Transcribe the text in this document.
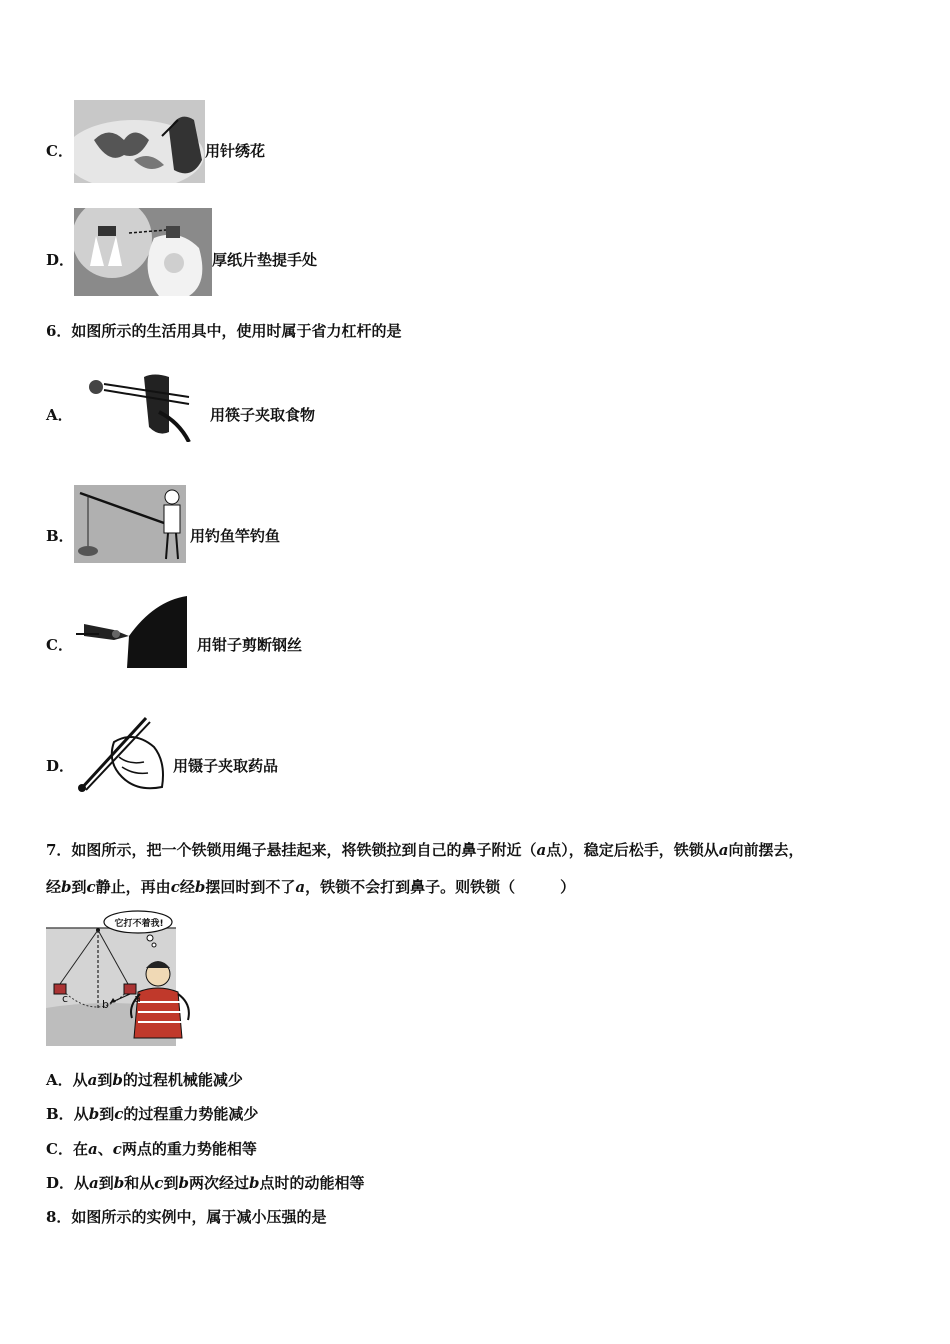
C．	用针绣花
D．	厚纸片垫提手处
6．如图所示的生活用具中，使用时属于省力杠杆的是
A．	用筷子夹取食物
B．	用钓鱼竿钓鱼
C．	用钳子剪断钢丝
D．	用镊子夹取药品
7．如图所示，把一个铁锁用绳子悬挂起来，将铁锁拉到自己的鼻子附近（a点），稳定后松手，铁锁从a向前摆去，
经b到c静止，再由c经b摆回时到不了a，铁锁不会打到鼻子。则铁锁（　　　）
它打不着我!
c	b a
A．从a到b的过程机械能减少
B．从b到c的过程重力势能减少
C．在a、c两点的重力势能相等
D．从a到b和从c到b两次经过b点时的动能相等
8．如图所示的实例中，属于减小压强的是
